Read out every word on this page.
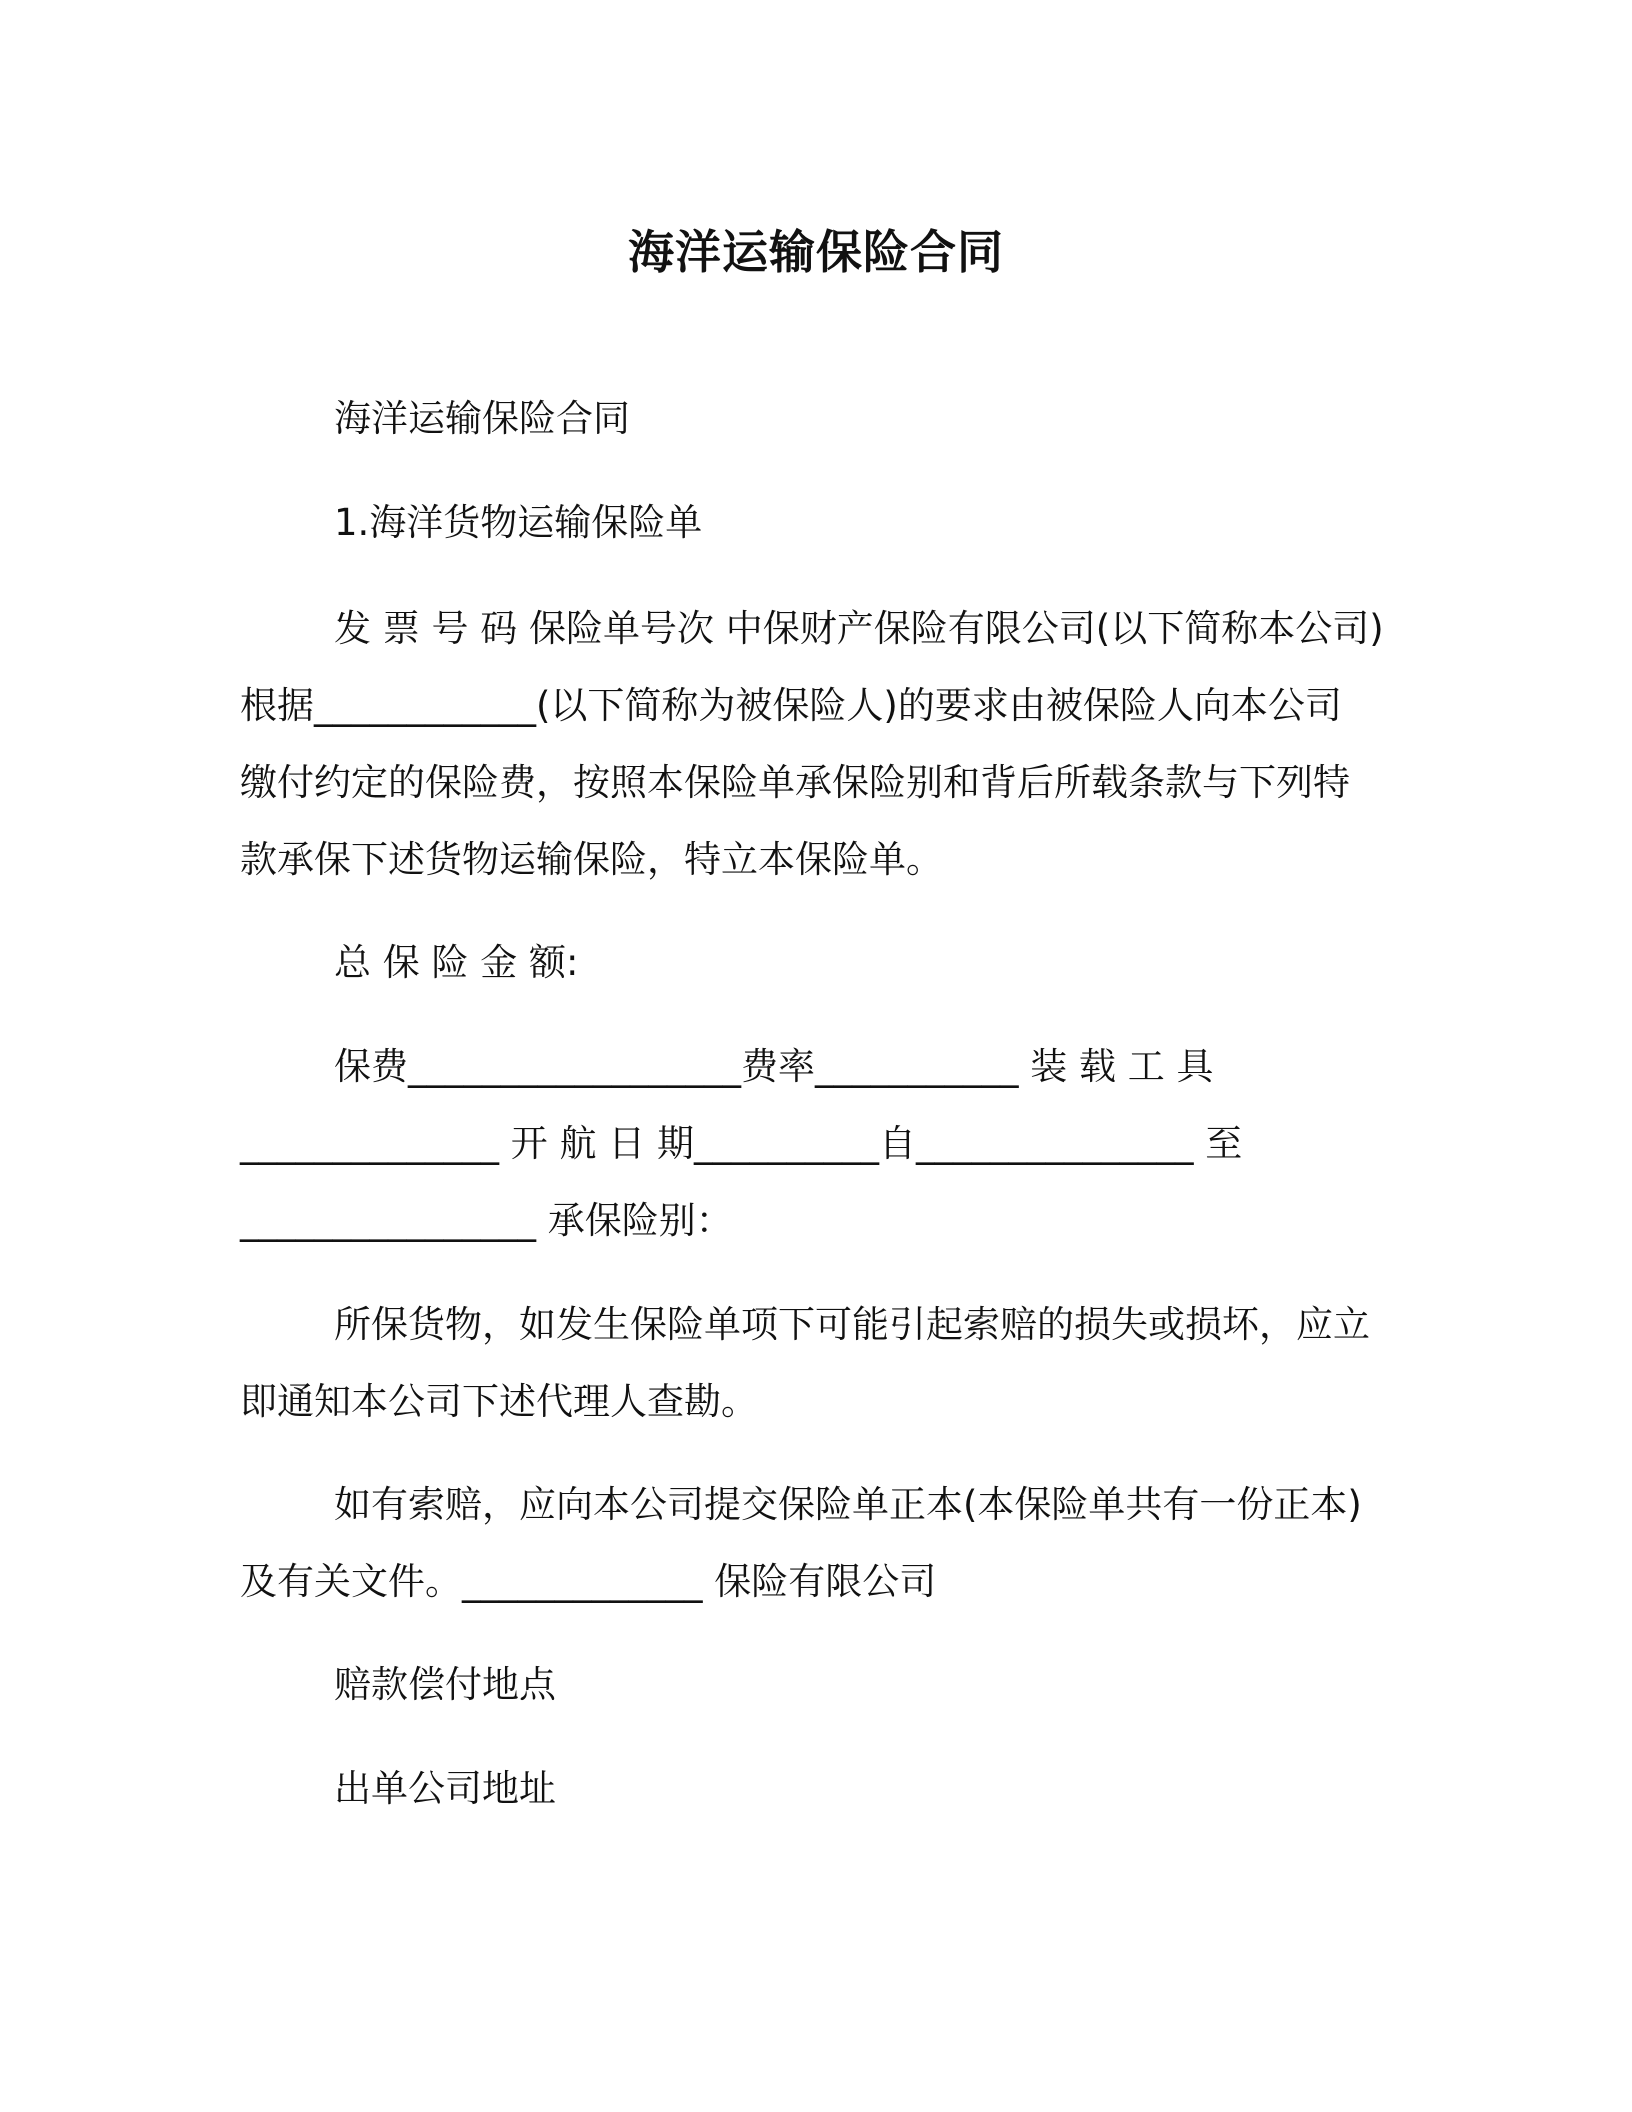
海洋运输保险合同
海洋运输保险合同
1.海洋货物运输保险单
发 票 号 码 保险单号次 中保财产保险有限公司(以下简称本公司)
根据____________(以下简称为被保险人)的要求由被保险人向本公司
缴付约定的保险费，按照本保险单承保险别和背后所载条款与下列特
款承保下述货物运输保险，特立本保险单。
总 保 险 金 额:
保费__________________费率___________ 装 载 工 具
______________ 开 航 日 期__________自_______________ 至
________________ 承保险别：
所保货物，如发生保险单项下可能引起索赔的损失或损坏，应立
即通知本公司下述代理人查勘。
如有索赔，应向本公司提交保险单正本(本保险单共有一份正本)
及有关文件。_____________ 保险有限公司
赔款偿付地点
出单公司地址
